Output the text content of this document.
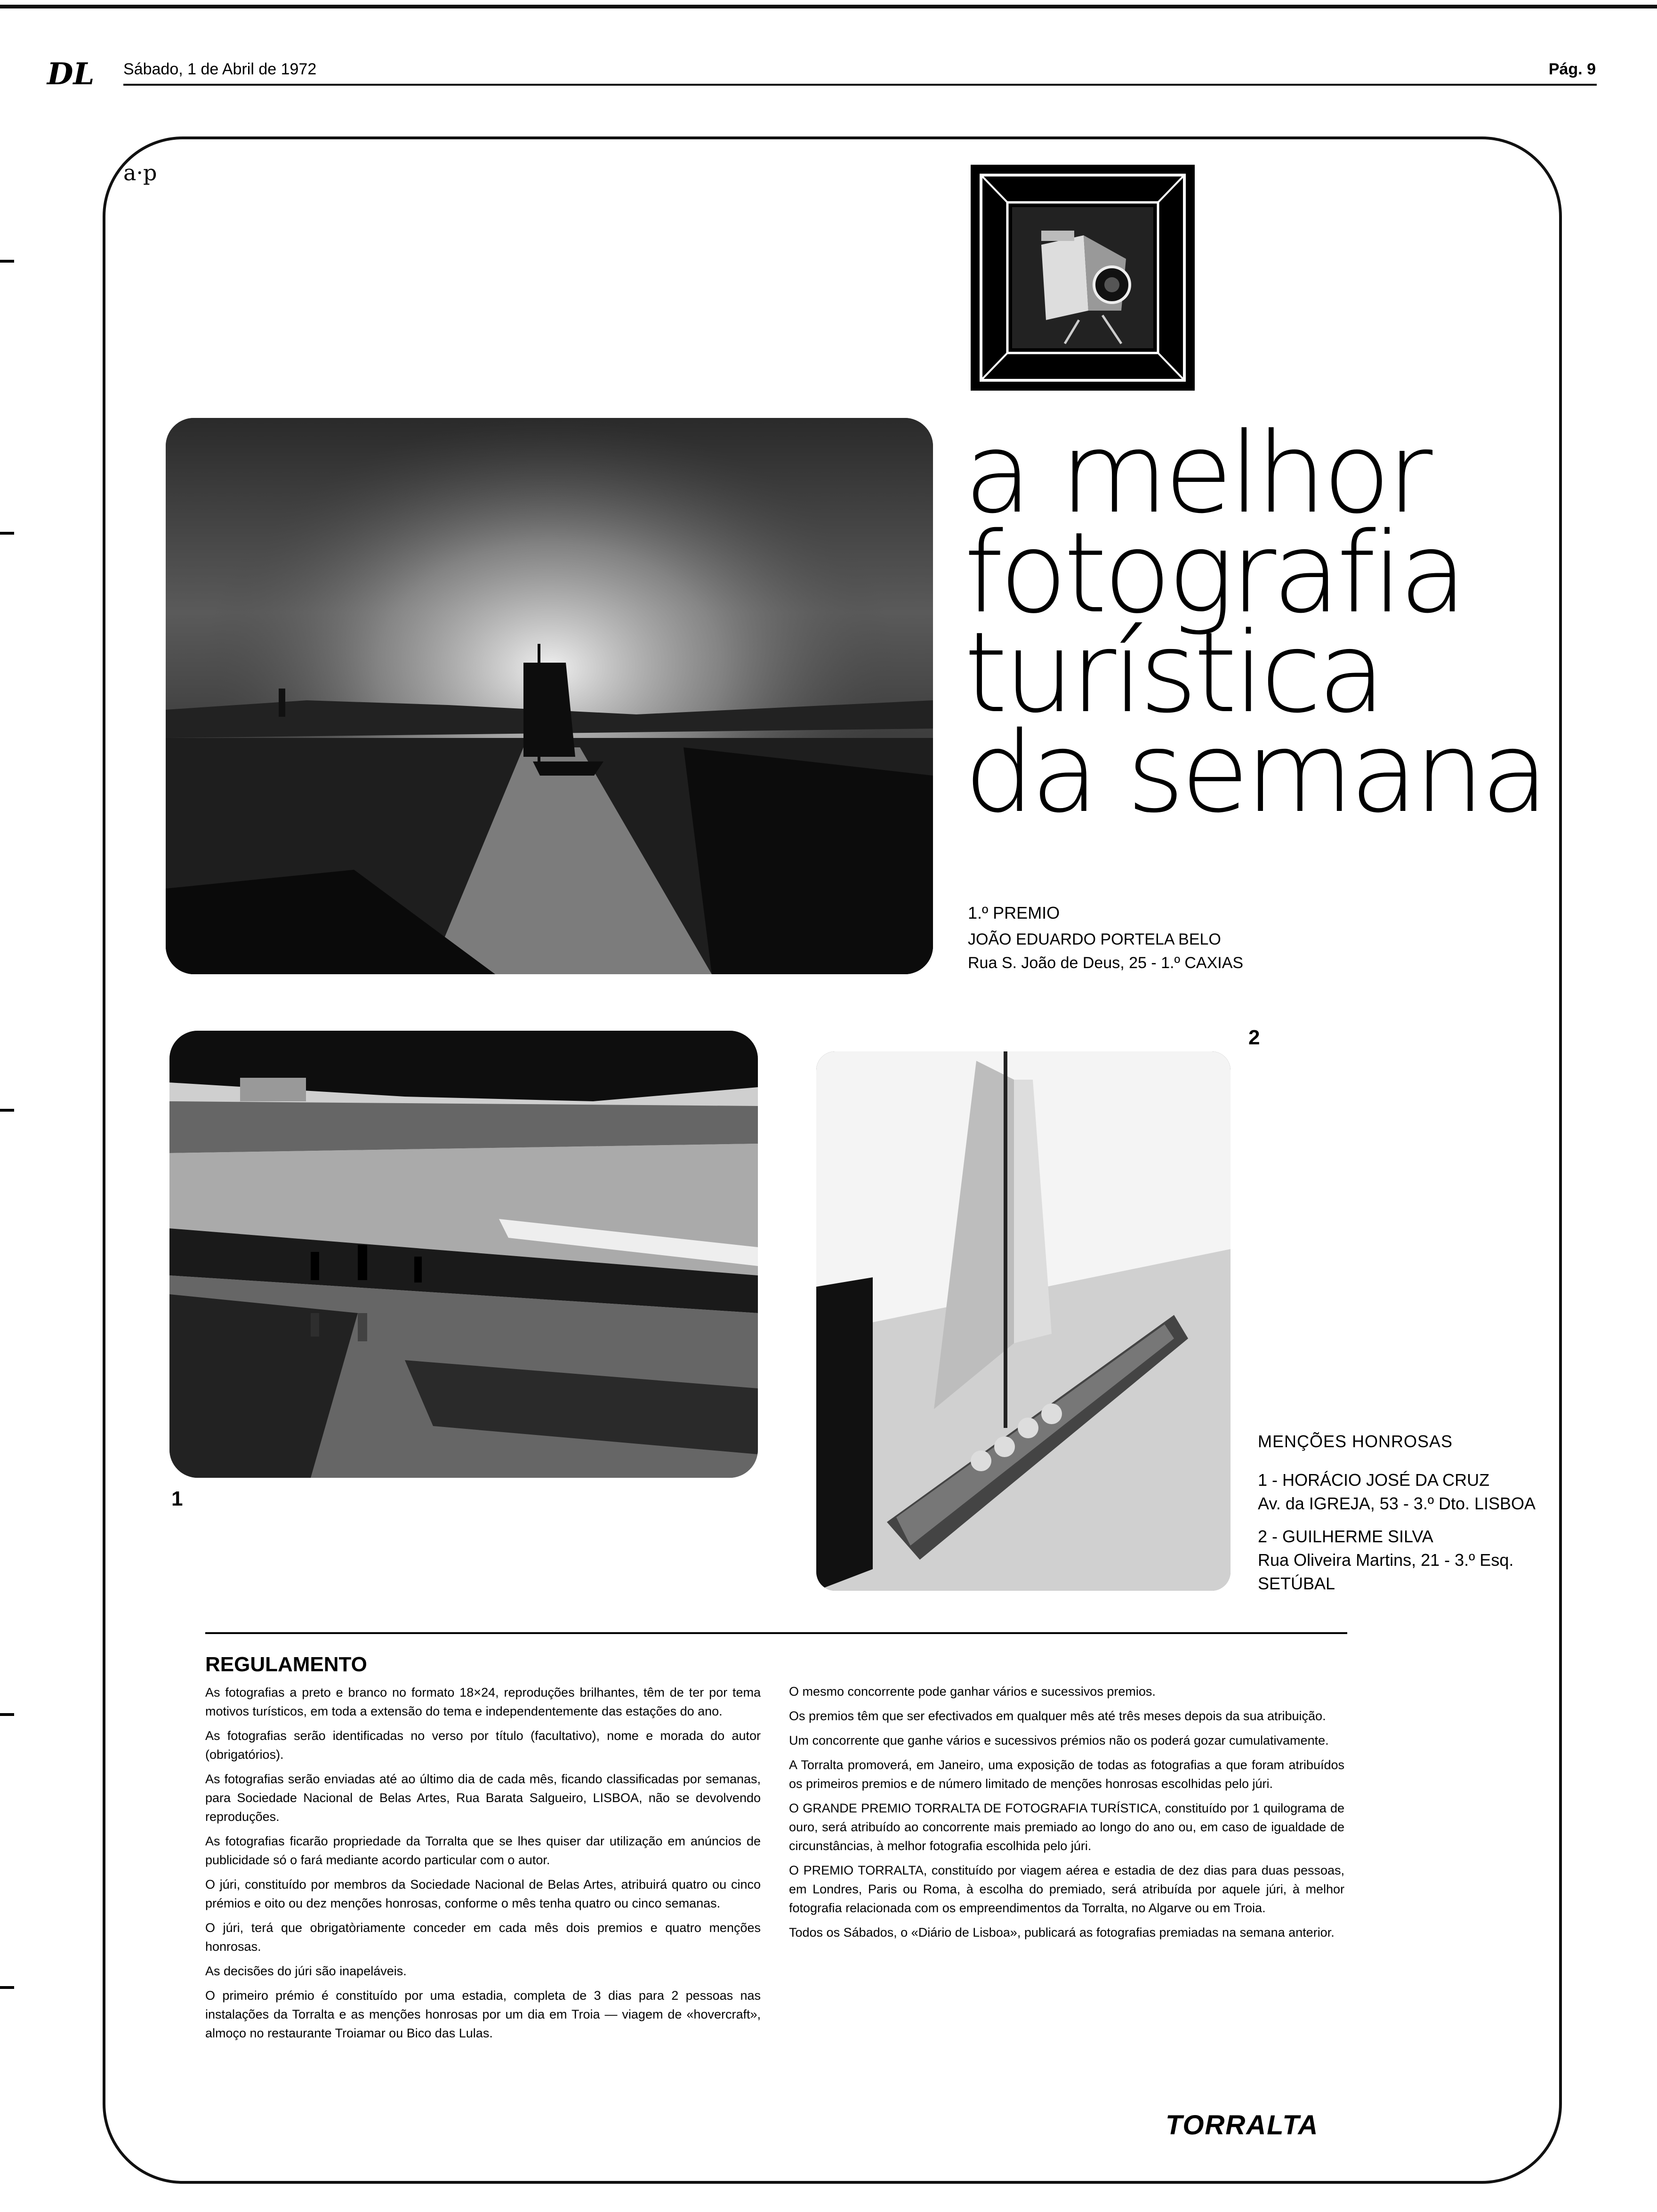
DL Sábado, 1 de Abril de 1972	Pág. 9
a·p
a melhor
fotografia
turística
da semana
1.º PREMIO
JOÃO EDUARDO PORTELA BELO
Rua S. João de Deus, 25 - 1.º CAXIAS
2
1
MENÇÕES HONROSAS
1 - HORÁCIO JOSÉ DA CRUZ
Av. da IGREJA, 53 - 3.º Dto. LISBOA
2 - GUILHERME SILVA
Rua Oliveira Martins, 21 - 3.º Esq.
SETÚBAL
REGULAMENTO

As fotografias a preto e branco no formato 18×24, reproduções brilhantes, têm de ter por tema motivos turísticos, em toda a extensão do tema e independentemente das estações do ano.

As fotografias serão identificadas no verso por título (facultativo), nome e morada do autor (obrigatórios).

As fotografias serão enviadas até ao último dia de cada mês, ficando classificadas por semanas, para Sociedade Nacional de Belas Artes, Rua Barata Salgueiro, LISBOA, não se devolvendo reproduções.

As fotografias ficarão propriedade da Torralta que se lhes quiser dar utilização em anúncios de publicidade só o fará mediante acordo particular com o autor.

O júri, constituído por membros da Sociedade Nacional de Belas Artes, atribuirá quatro ou cinco prémios e oito ou dez menções honrosas, conforme o mês tenha quatro ou cinco semanas.

O júri, terá que obrigatòriamente conceder em cada mês dois premios e quatro menções honrosas.

As decisões do júri são inapeláveis.

O primeiro prémio é constituído por uma estadia, completa de 3 dias para 2 pessoas nas instalações da Torralta e as menções honrosas por um dia em Troia — viagem de «hovercraft», almoço no restaurante Troiamar ou Bico das Lulas.

O mesmo concorrente pode ganhar vários e sucessivos premios.

Os premios têm que ser efectivados em qualquer mês até três meses depois da sua atribuição.

Um concorrente que ganhe vários e sucessivos prémios não os poderá gozar cumulativamente.

A Torralta promoverá, em Janeiro, uma exposição de todas as fotografias a que foram atribuídos os primeiros premios e de número limitado de menções honrosas escolhidas pelo júri.

O GRANDE PREMIO TORRALTA DE FOTOGRAFIA TURÍSTICA, constituído por 1 quilograma de ouro, será atribuído ao concorrente mais premiado ao longo do ano ou, em caso de igualdade de circunstâncias, à melhor fotografia escolhida pelo júri.

O PREMIO TORRALTA, constituído por viagem aérea e estadia de dez dias para duas pessoas, em Londres, Paris ou Roma, à escolha do premiado, será atribuída por aquele júri, à melhor fotografia relacionada com os empreendimentos da Torralta, no Algarve ou em Troia.

Todos os Sábados, o «Diário de Lisboa», publicará as fotografias premiadas na semana anterior.

TORRALTA
